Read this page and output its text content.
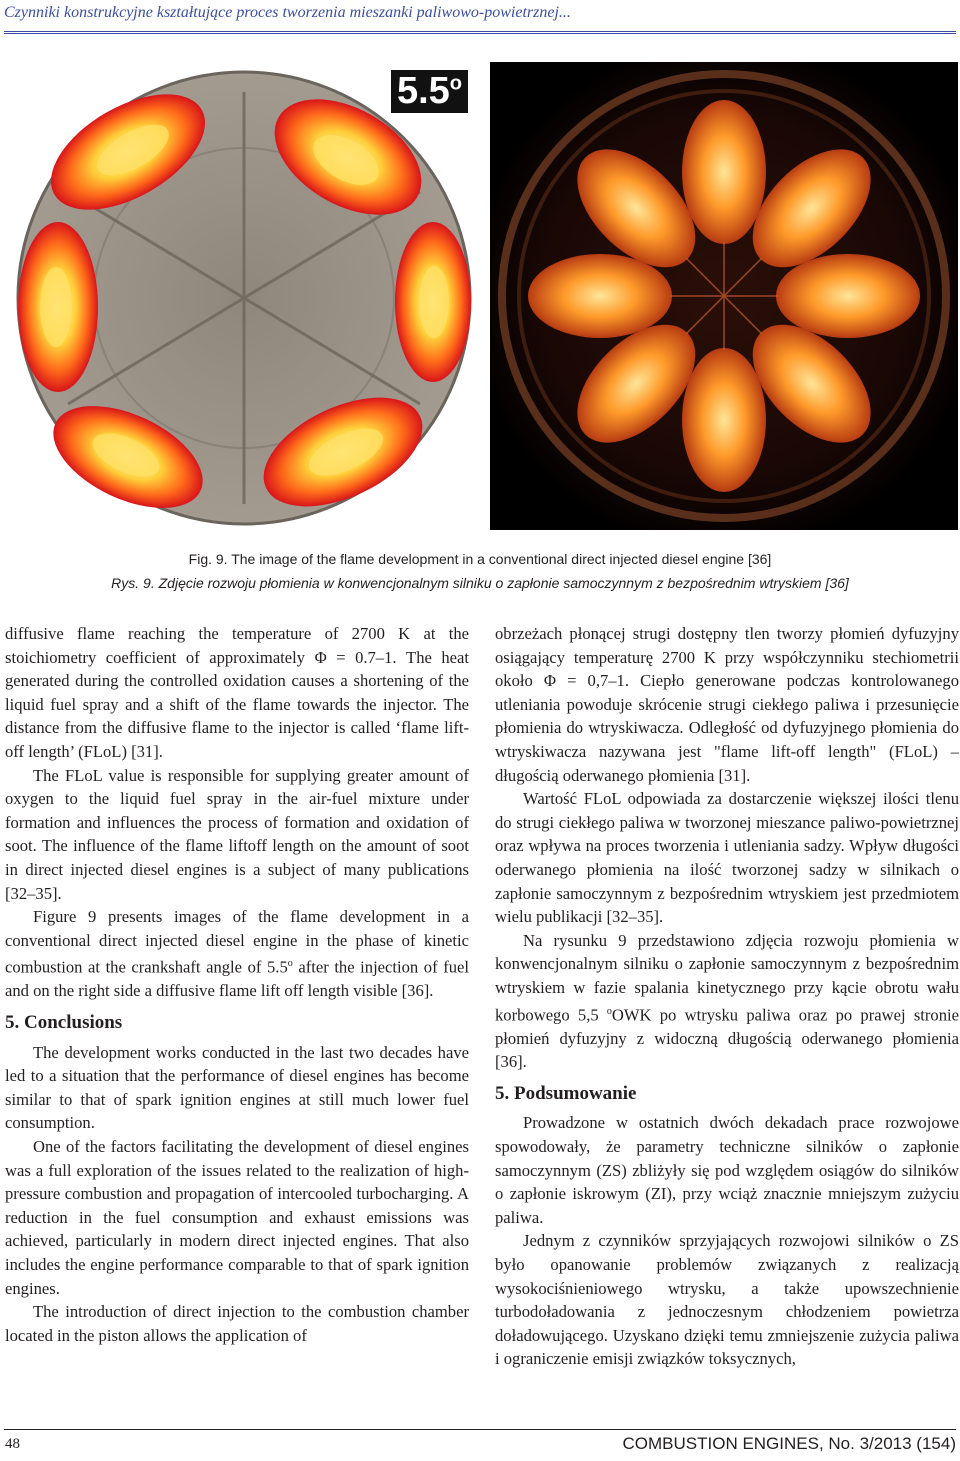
Czynniki konstrukcyjne kształtujące proces tworzenia mieszanki paliwowo-powietrznej...
5.5$^o$
Fig. 9. The image of the flame development in a conventional direct injected diesel engine [36]
Rys. 9. Zdjęcie rozwoju płomienia w konwencjonalnym silniku o zapłonie samoczynnym z bezpośrednim wtryskiem [36]

diffusive flame reaching the temperature of 2700 K at the stoichiometry coefficient of approximately Φ = 0.7–1. The heat generated during the controlled oxidation causes a shortening of the liquid fuel spray and a shift of the flame towards the injector. The distance from the diffusive flame to the injector is called ‘flame lift-off length’ (FLoL) [31].

The FLoL value is responsible for supplying greater amount of oxygen to the liquid fuel spray in the air-fuel mixture under formation and influences the process of formation and oxidation of soot. The influence of the flame liftoff length on the amount of soot in direct injected diesel engines is a subject of many publications [32–35].

Figure 9 presents images of the flame development in a conventional direct injected diesel engine in the phase of kinetic combustion at the crankshaft angle of 5.5$^o$ after the injection of fuel and on the right side a diffusive flame lift off length visible [36].

5. Conclusions

The development works conducted in the last two decades have led to a situation that the performance of diesel engines has become similar to that of spark ignition engines at still much lower fuel consumption.

One of the factors facilitating the development of diesel engines was a full exploration of the issues related to the realization of high-pressure combustion and propagation of intercooled turbocharging. A reduction in the fuel consumption and exhaust emissions was achieved, particularly in modern direct injected engines. That also includes the engine performance comparable to that of spark ignition engines.

The introduction of direct injection to the combustion chamber located in the piston allows the application of

obrzeżach płonącej strugi dostępny tlen tworzy płomień dyfuzyjny osiągający temperaturę 2700 K przy współczynniku stechiometrii około Φ = 0,7–1. Ciepło generowane podczas kontrolowanego utleniania powoduje skrócenie strugi ciekłego paliwa i przesunięcie płomienia do wtryskiwacza. Odległość od dyfuzyjnego płomienia do wtryskiwacza nazywana jest "flame lift-off length" (FLoL) – długością oderwanego płomienia [31].

Wartość FLoL odpowiada za dostarczenie większej ilości tlenu do strugi ciekłego paliwa w tworzonej mieszance paliwo-powietrznej oraz wpływa na proces tworzenia i utleniania sadzy. Wpływ długości oderwanego płomienia na ilość tworzonej sadzy w silnikach o zapłonie samoczynnym z bezpośrednim wtryskiem jest przedmiotem wielu publikacji [32–35].

Na rysunku 9 przedstawiono zdjęcia rozwoju płomienia w konwencjonalnym silniku o zapłonie samoczynnym z bezpośrednim wtryskiem w fazie spalania kinetycznego przy kącie obrotu wału korbowego 5,5 $^o$OWK po wtrysku paliwa oraz po prawej stronie płomień dyfuzyjny z widoczną długością oderwanego płomienia [36].

5. Podsumowanie

Prowadzone w ostatnich dwóch dekadach prace rozwojowe spowodowały, że parametry techniczne silników o zapłonie samoczynnym (ZS) zbliżyły się pod względem osiągów do silników o zapłonie iskrowym (ZI), przy wciąż znacznie mniejszym zużyciu paliwa.

Jednym z czynników sprzyjających rozwojowi silników o ZS było opanowanie problemów związanych z realizacją wysokociśnieniowego wtrysku, a także upowszechnienie turbodoładowania z jednoczesnym chłodzeniem powietrza doładowującego. Uzyskano dzięki temu zmniejszenie zużycia paliwa i ograniczenie emisji związków toksycznych,

48	COMBUSTION ENGINES, No. 3/2013 (154)
